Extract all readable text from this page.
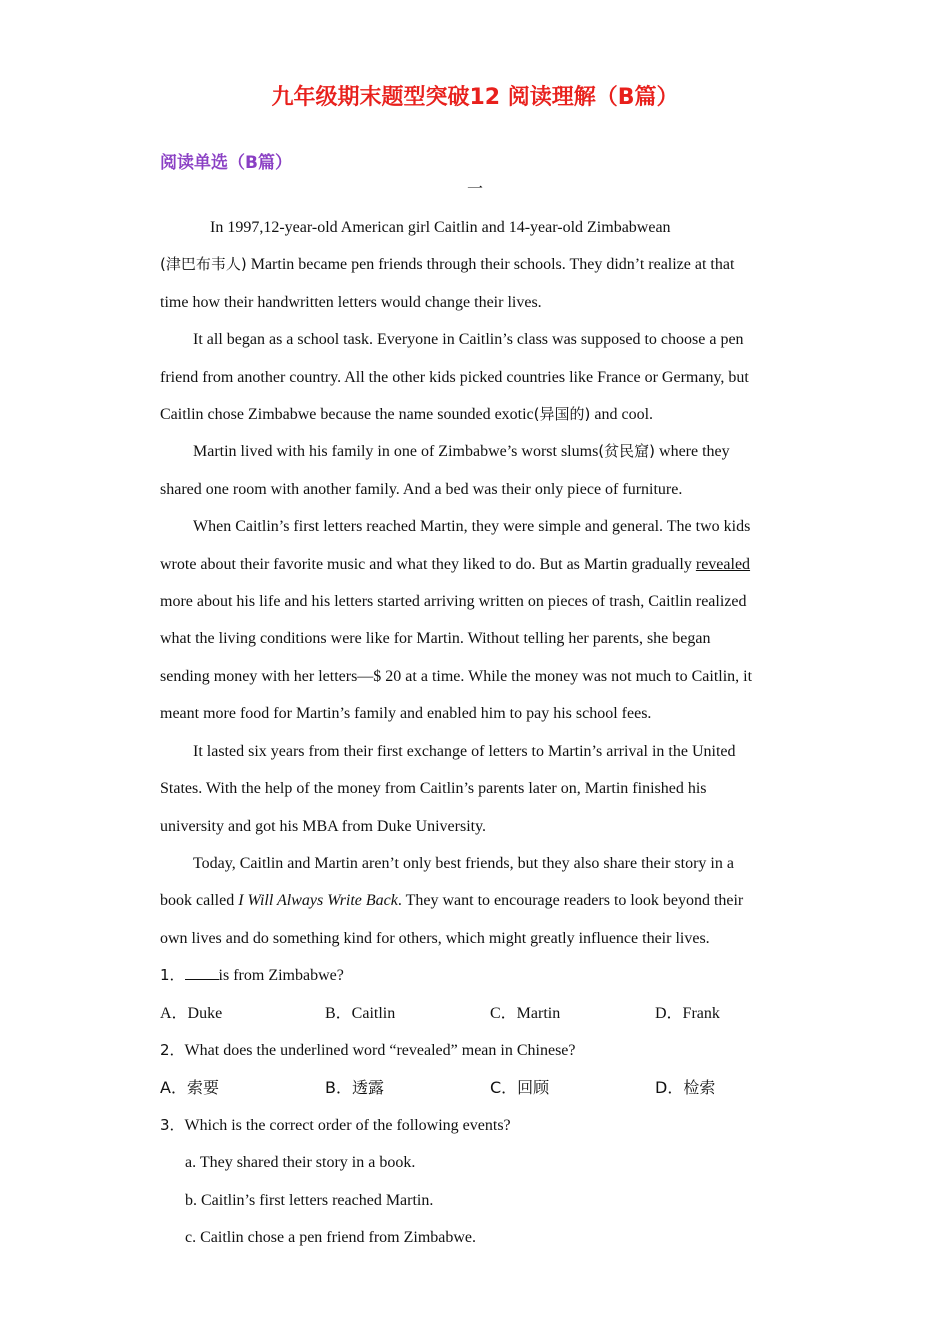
九年级期末题型突破12 阅读理解（B篇）
阅读单选（B篇）
一
In 1997,12-year-old American girl Caitlin and 14-year-old Zimbabwean
(津巴布韦人) Martin became pen friends through their schools. They didn’t realize at that
time how their handwritten letters would change their lives.
It all began as a school task. Everyone in Caitlin’s class was supposed to choose a pen
friend from another country. All the other kids picked countries like France or Germany, but
Caitlin chose Zimbabwe because the name sounded exotic(异国的) and cool.
Martin lived with his family in one of Zimbabwe’s worst slums(贫民窟) where they
shared one room with another family. And a bed was their only piece of furniture.
When Caitlin’s first letters reached Martin, they were simple and general. The two kids
wrote about their favorite music and what they liked to do. But as Martin gradually revealed
more about his life and his letters started arriving written on pieces of trash, Caitlin realized
what the living conditions were like for Martin. Without telling her parents, she began
sending money with her letters—$ 20 at a time. While the money was not much to Caitlin, it
meant more food for Martin’s family and enabled him to pay his school fees.
It lasted six years from their first exchange of letters to Martin’s arrival in the United
States. With the help of the money from Caitlin’s parents later on, Martin finished his
university and got his MBA from Duke University.
Today, Caitlin and Martin aren’t only best friends, but they also share their story in a
book called I Will Always Write Back. They want to encourage readers to look beyond their
own lives and do something kind for others, which might greatly influence their lives.
1． is from Zimbabwe?
A．Duke	B．Caitlin	C．Martin	D．Frank
2．What does the underlined word “revealed” mean in Chinese?
A．索要	B．透露	C．回顾	D．检索
3．Which is the correct order of the following events?
a. They shared their story in a book.
b. Caitlin’s first letters reached Martin.
c. Caitlin chose a pen friend from Zimbabwe.
